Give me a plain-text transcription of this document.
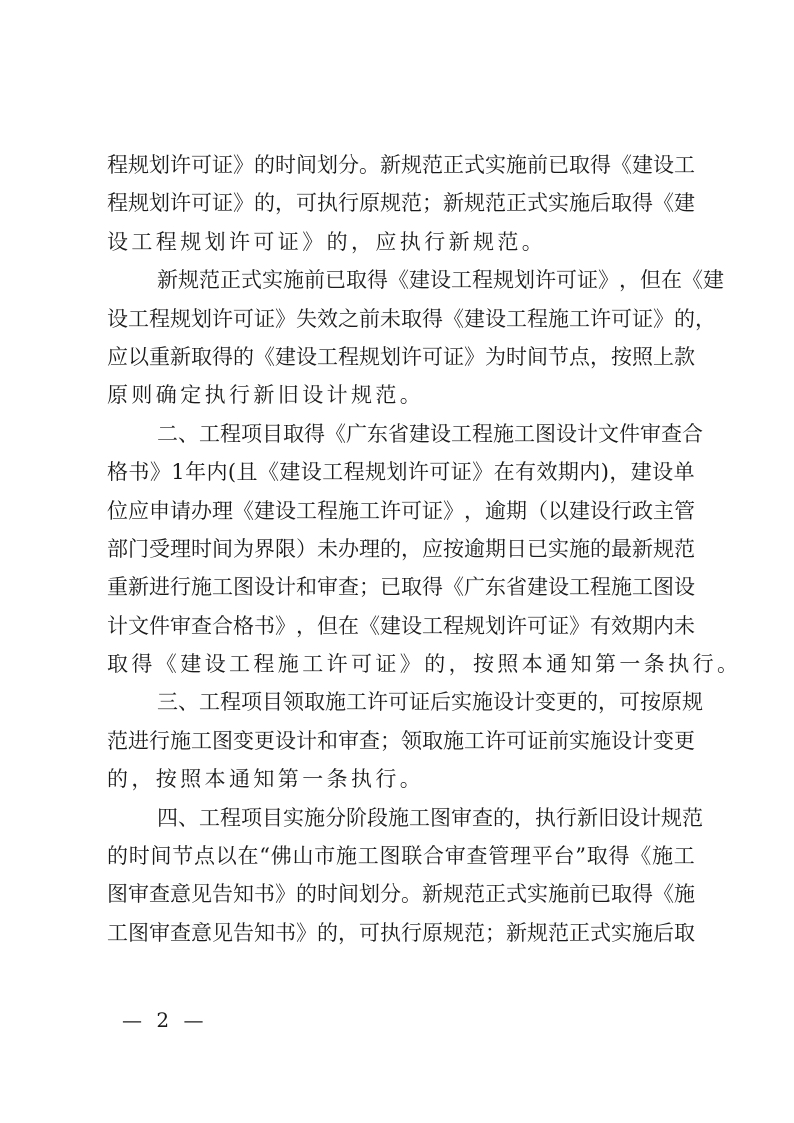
程 规 划 许 可 证 》 的 时 间 划 分 。 新 规 范 正 式 实 施 前 已 取 得 《 建 设 工
程 规 划 许 可 证 》 的 ， 可 执 行 原 规 范 ； 新 规 范 正 式 实 施 后 取 得 《 建
设工程规划许可证》的，应执行新规范。
新 规 范 正 式 实 施 前 已 取 得 《 建 设 工 程 规 划 许 可 证 》 ， 但 在 《 建
设 工 程 规 划 许 可 证 》 失 效 之 前 未 取 得 《 建 设 工 程 施 工 许 可 证 》 的 ，
应 以 重 新 取 得 的 《 建 设 工 程 规 划 许 可 证 》 为 时 间 节 点 ， 按 照 上 款
原则确定执行新旧设计规范。
二 、 工 程 项 目 取 得 《 广 东 省 建 设 工 程 施 工 图 设 计 文 件 审 查 合
格 书 》 1 年 内 ( 且 《 建 设 工 程 规 划 许 可 证 》 在 有 效 期 内 ) ， 建 设 单
位 应 申 请 办 理 《 建 设 工 程 施 工 许 可 证 》 ， 逾 期 （ 以 建 设 行 政 主 管
部 门 受 理 时 间 为 界 限 ） 未 办 理 的 ， 应 按 逾 期 日 已 实 施 的 最 新 规 范
重 新 进 行 施 工 图 设 计 和 审 查 ； 已 取 得 《 广 东 省 建 设 工 程 施 工 图 设
计 文 件 审 查 合 格 书 》 ， 但 在 《 建 设 工 程 规 划 许 可 证 》 有 效 期 内 未
取得《建设工程施工许可证》的，按照本通知第一条执行。
三 、 工 程 项 目 领 取 施 工 许 可 证 后 实 施 设 计 变 更 的 ， 可 按 原 规
范 进 行 施 工 图 变 更 设 计 和 审 查 ； 领 取 施 工 许 可 证 前 实 施 设 计 变 更
的，按照本通知第一条执行。
四 、 工 程 项 目 实 施 分 阶 段 施 工 图 审 查 的 ， 执 行 新 旧 设 计 规 范
的 时 间 节 点 以 在 “ 佛 山 市 施 工 图 联 合 审 查 管 理 平 台 ” 取 得 《 施 工
图 审 查 意 见 告 知 书 》 的 时 间 划 分 。 新 规 范 正 式 实 施 前 已 取 得 《 施
工 图 审 查 意 见 告 知 书 》 的 ， 可 执 行 原 规 范 ； 新 规 范 正 式 实 施 后 取
— 2 —
